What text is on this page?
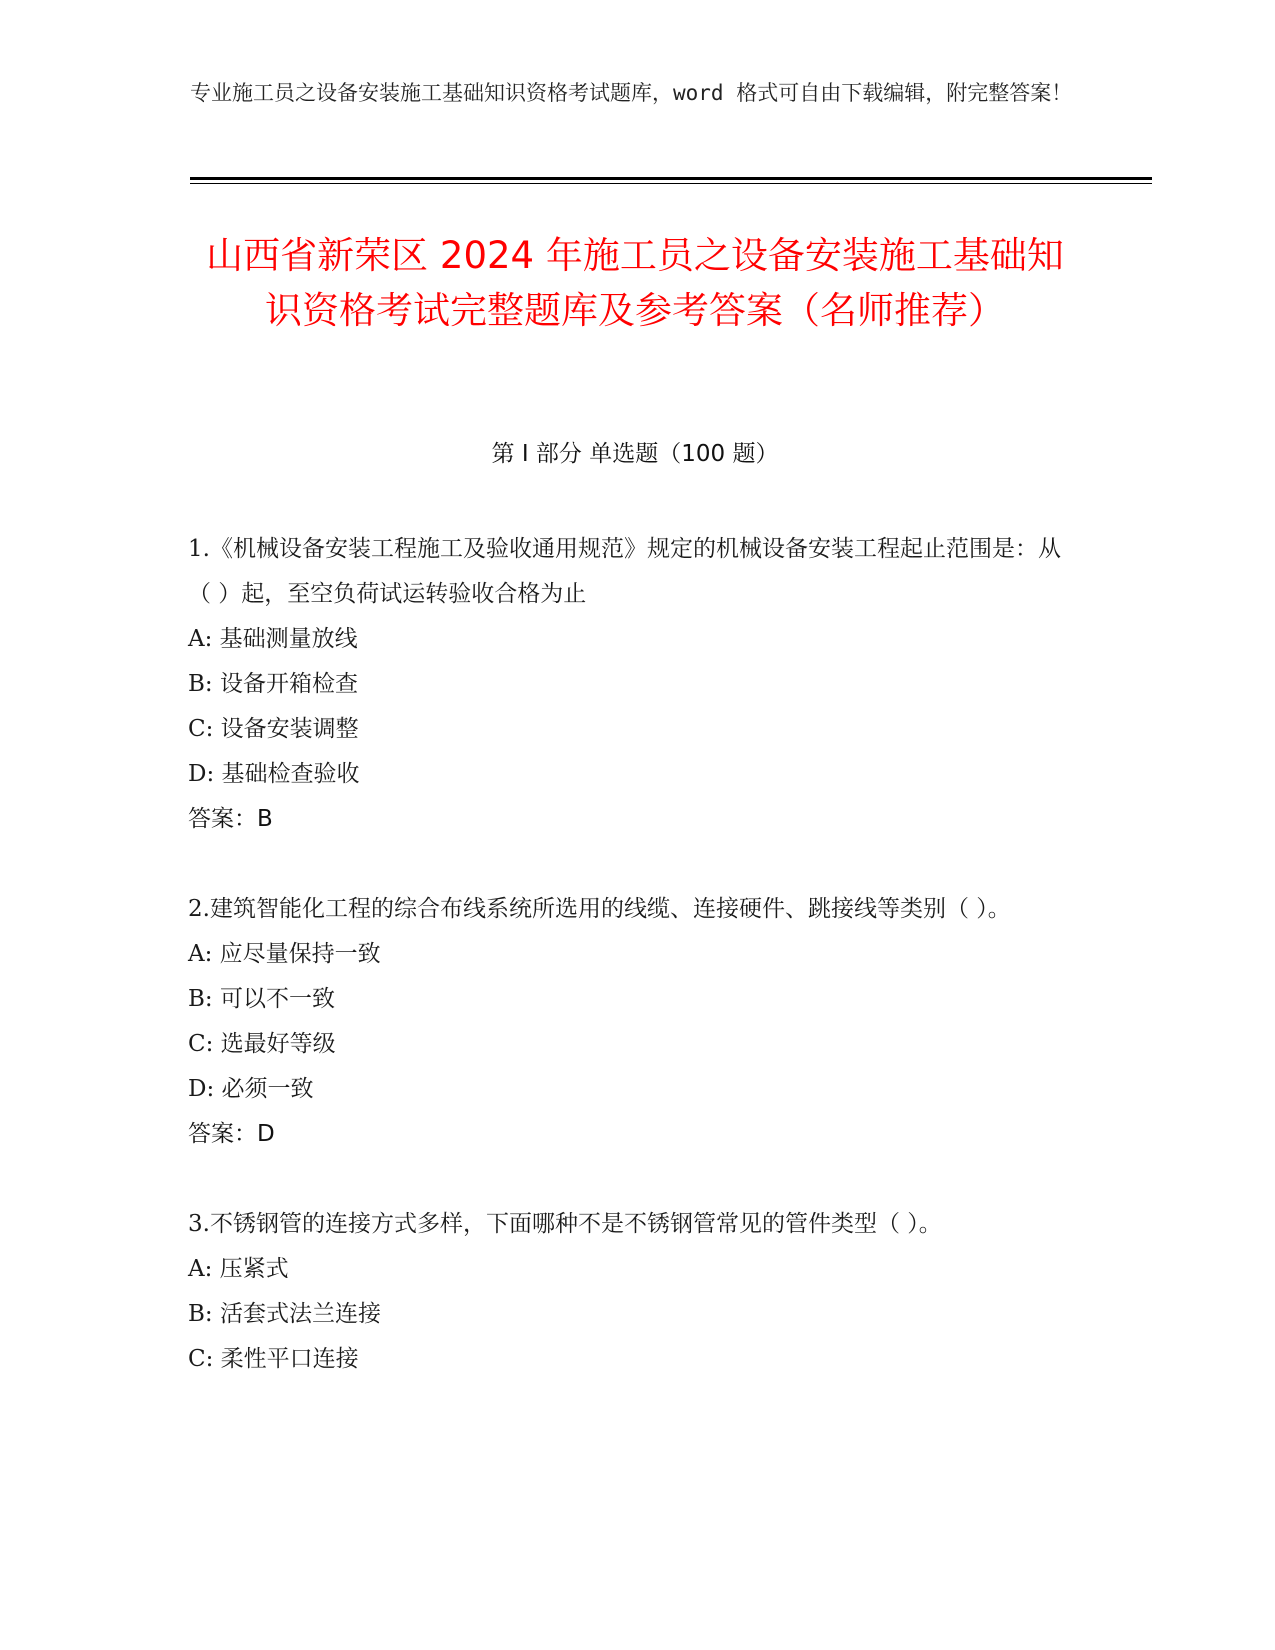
专业施工员之设备安装施工基础知识资格考试题库，word 格式可自由下载编辑，附完整答案！

山西省新荣区 2024 年施工员之设备安装施工基础知识资格考试完整题库及参考答案（名师推荐）
第 I 部分 单选题（100 题）

1.《机械设备安装工程施工及验收通用规范》规定的机械设备安装工程起止范围是：从（ ）起，至空负荷试运转验收合格为止

A: 基础测量放线

B: 设备开箱检查

C: 设备安装调整

D: 基础检查验收

答案：B

2.建筑智能化工程的综合布线系统所选用的线缆、连接硬件、跳接线等类别（ ）。

A: 应尽量保持一致

B: 可以不一致

C: 选最好等级

D: 必须一致

答案：D

3.不锈钢管的连接方式多样，下面哪种不是不锈钢管常见的管件类型（ ）。

A: 压紧式

B: 活套式法兰连接

C: 柔性平口连接
